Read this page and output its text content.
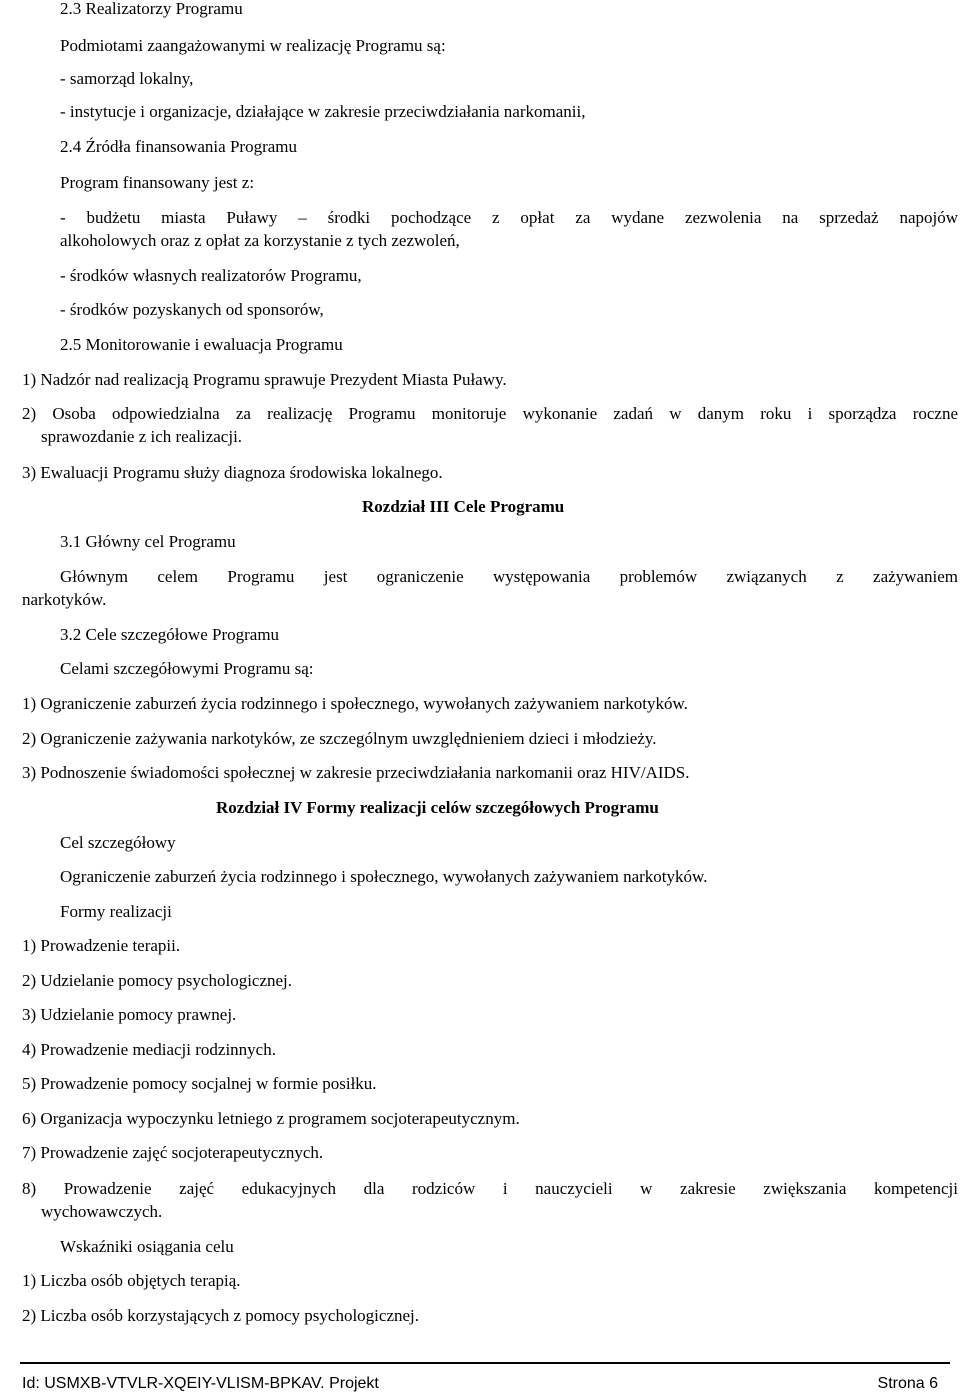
2.3 Realizatorzy Programu
Podmiotami zaangażowanymi w realizację Programu są:
- samorząd lokalny,
- instytucje i organizacje, działające w zakresie przeciwdziałania narkomanii,
2.4 Źródła finansowania Programu
Program finansowany jest z:
- budżetu miasta Puławy – środki pochodzące z opłat za wydane zezwolenia na sprzedaż napojów
alkoholowych oraz z opłat za korzystanie z tych zezwoleń,
- środków własnych realizatorów Programu,
- środków pozyskanych od sponsorów,
2.5 Monitorowanie i ewaluacja Programu
1) Nadzór nad realizacją Programu sprawuje Prezydent Miasta Puławy.
2) Osoba odpowiedzialna za realizację Programu monitoruje wykonanie zadań w danym roku i sporządza roczne
sprawozdanie z ich realizacji.
3) Ewaluacji Programu służy diagnoza środowiska lokalnego.
Rozdział III Cele Programu
3.1 Główny cel Programu
Głównym celem Programu jest ograniczenie występowania problemów związanych z zażywaniem
narkotyków.
3.2 Cele szczegółowe Programu
Celami szczegółowymi Programu są:
1) Ograniczenie zaburzeń życia rodzinnego i społecznego, wywołanych zażywaniem narkotyków.
2) Ograniczenie zażywania narkotyków, ze szczególnym uwzględnieniem dzieci i młodzieży.
3) Podnoszenie świadomości społecznej w zakresie przeciwdziałania narkomanii oraz HIV/AIDS.
Rozdział IV Formy realizacji celów szczegółowych Programu
Cel szczegółowy
Ograniczenie zaburzeń życia rodzinnego i społecznego, wywołanych zażywaniem narkotyków.
Formy realizacji
1) Prowadzenie terapii.
2) Udzielanie pomocy psychologicznej.
3) Udzielanie pomocy prawnej.
4) Prowadzenie mediacji rodzinnych.
5) Prowadzenie pomocy socjalnej w formie posiłku.
6) Organizacja wypoczynku letniego z programem socjoterapeutycznym.
7) Prowadzenie zajęć socjoterapeutycznych.
8) Prowadzenie zajęć edukacyjnych dla rodziców i nauczycieli w zakresie zwiększania kompetencji
wychowawczych.
Wskaźniki osiągania celu
1) Liczba osób objętych terapią.
2) Liczba osób korzystających z pomocy psychologicznej.
Id: USMXB-VTVLR-XQEIY-VLISM-BPKAV. Projekt	Strona 6
